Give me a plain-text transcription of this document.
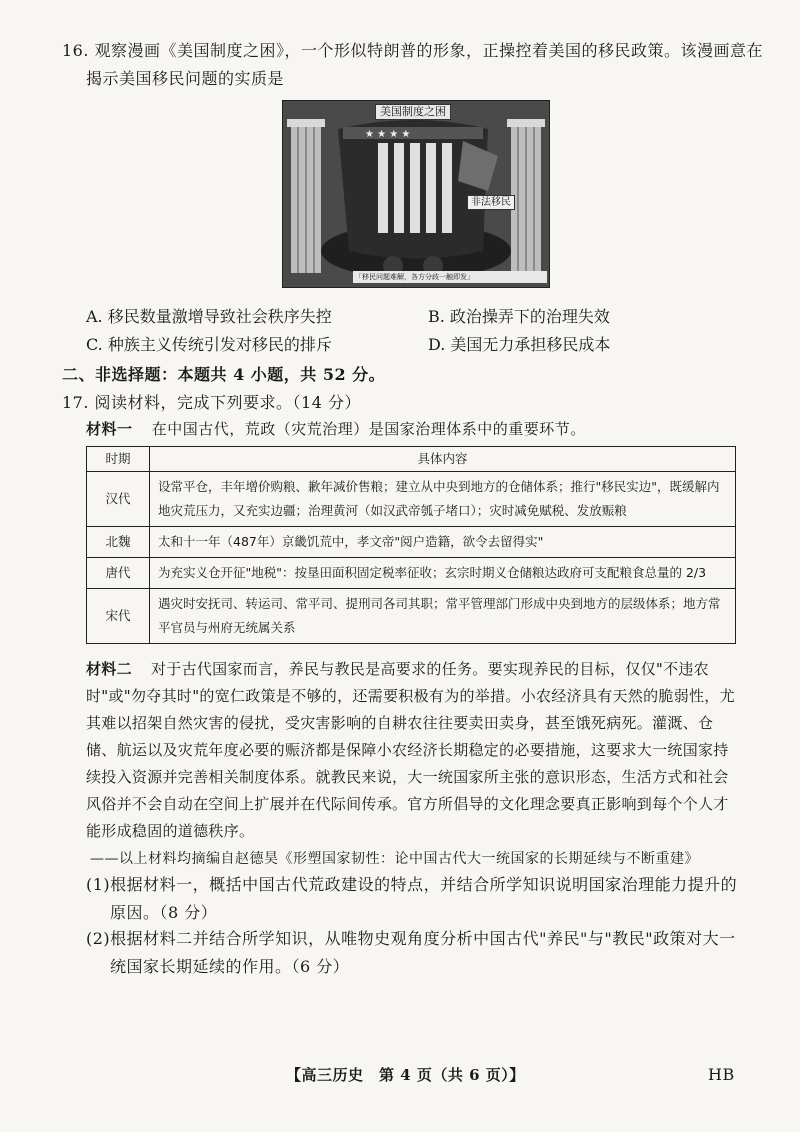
16. 观察漫画《美国制度之困》，一个形似特朗普的形象，正操控着美国的移民政策。该漫画意在
揭示美国移民问题的实质是
★ ★ ★ ★
美国制度之困
非法移民
「移民问题难解，各方分歧一触即发」
A. 移民数量激增导致社会秩序失控	B. 政治操弄下的治理失效
C. 种族主义传统引发对移民的排斥	D. 美国无力承担移民成本
二、非选择题：本题共 4 小题，共 52 分。
17. 阅读材料，完成下列要求。（14 分）
材料一 在中国古代，荒政（灾荒治理）是国家治理体系中的重要环节。
时期	具体内容
汉代	设常平仓，丰年增价购粮、歉年减价售粮；建立从中央到地方的仓储体系；推行"移民实边"，既缓解内地灾荒压力，又充实边疆；治理黄河（如汉武帝瓠子堵口）；灾时减免赋税、发放赈粮
北魏	太和十一年（487年）京畿饥荒中，孝文帝"阅户造籍，欲令去留得实"
唐代	为充实义仓开征"地税"：按垦田面积固定税率征收；玄宗时期义仓储粮达政府可支配粮食总量的 2/3
宋代	遇灾时安抚司、转运司、常平司、提刑司各司其职；常平管理部门形成中央到地方的层级体系；地方常平官员与州府无统属关系
材料二 对于古代国家而言，养民与教民是高要求的任务。要实现养民的目标，仅仅"不违农时"或"勿夺其时"的宽仁政策是不够的，还需要积极有为的举措。小农经济具有天然的脆弱性，尤其难以招架自然灾害的侵扰，受灾害影响的自耕农往往要卖田卖身，甚至饿死病死。灌溉、仓储、航运以及灾荒年度必要的赈济都是保障小农经济长期稳定的必要措施，这要求大一统国家持续投入资源并完善相关制度体系。就教民来说，大一统国家所主张的意识形态，生活方式和社会风俗并不会自动在空间上扩展并在代际间传承。官方所倡导的文化理念要真正影响到每个个人才能形成稳固的道德秩序。
——以上材料均摘编自赵德昊《形塑国家韧性：论中国古代大一统国家的长期延续与不断重建》
(1)根据材料一，概括中国古代荒政建设的特点，并结合所学知识说明国家治理能力提升的
原因。（8 分）
(2)根据材料二并结合所学知识，从唯物史观角度分析中国古代"养民"与"教民"政策对大一
统国家长期延续的作用。（6 分）
【高三历史　第 4 页（共 6 页）】	HB
